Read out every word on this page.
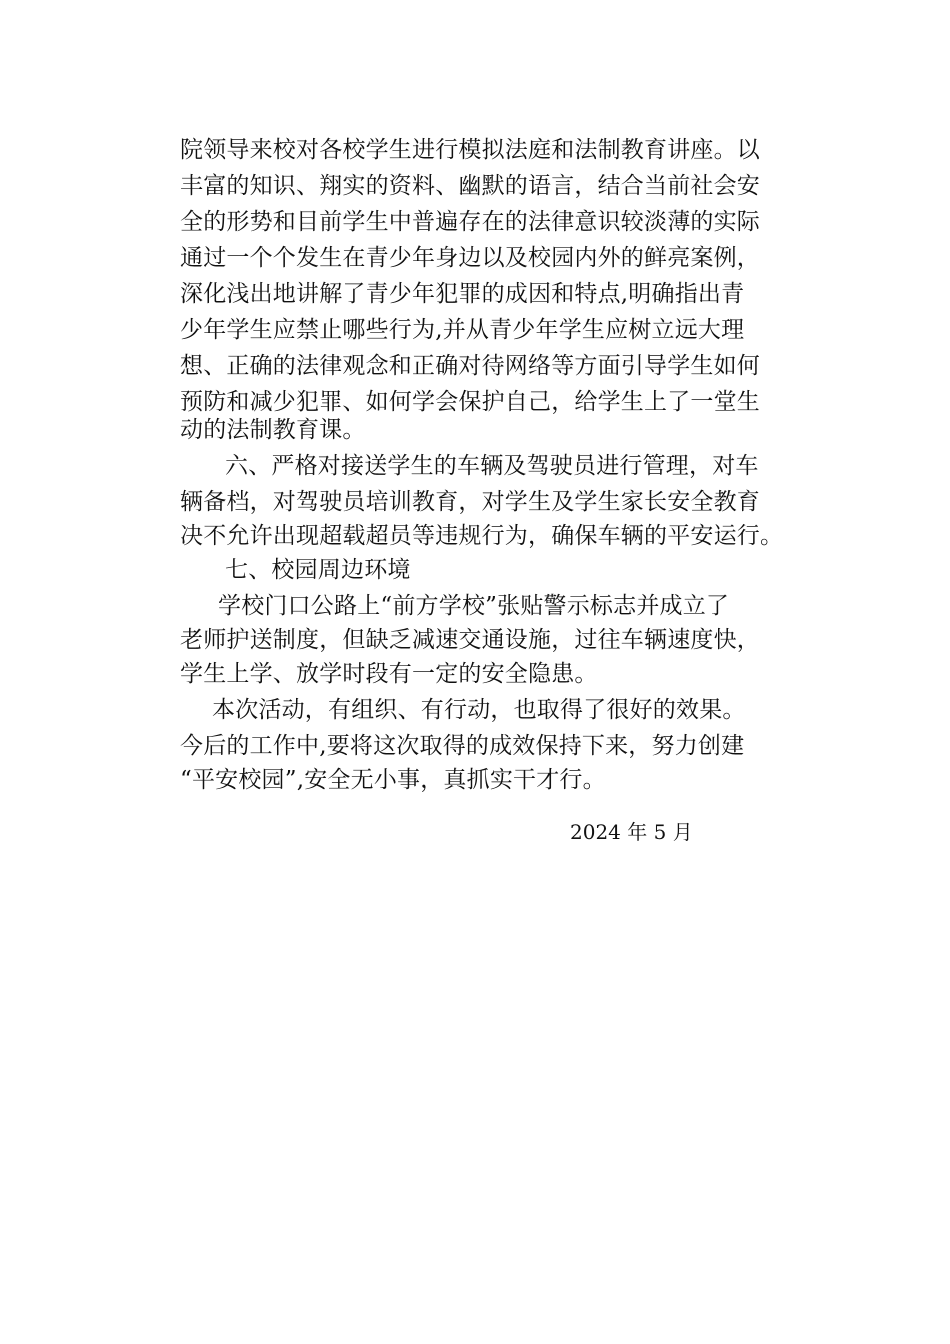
院领导来校对各校学生进行模拟法庭和法制教育讲座。以
丰富的知识、翔实的资料、幽默的语言，结合当前社会安
全的形势和目前学生中普遍存在的法律意识较淡薄的实际
通过一个个发生在青少年身边以及校园内外的鲜亮案例，
深化浅出地讲解了青少年犯罪的成因和特点,明确指出青
少年学生应禁止哪些行为,并从青少年学生应树立远大理
想、正确的法律观念和正确对待网络等方面引导学生如何
预防和减少犯罪、如何学会保护自己，给学生上了一堂生
动的法制教育课。
六、严格对接送学生的车辆及驾驶员进行管理，对车
辆备档，对驾驶员培训教育，对学生及学生家长安全教育
决不允许出现超载超员等违规行为，确保车辆的平安运行。
七、校园周边环境
学校门口公路上“前方学校”张贴警示标志并成立了
老师护送制度，但缺乏减速交通设施，过往车辆速度快，
学生上学、放学时段有一定的安全隐患。
本次活动，有组织、有行动，也取得了很好的效果。
今后的工作中,要将这次取得的成效保持下来，努力创建
“平安校园”,安全无小事，真抓实干才行。
2024 年 5 月
